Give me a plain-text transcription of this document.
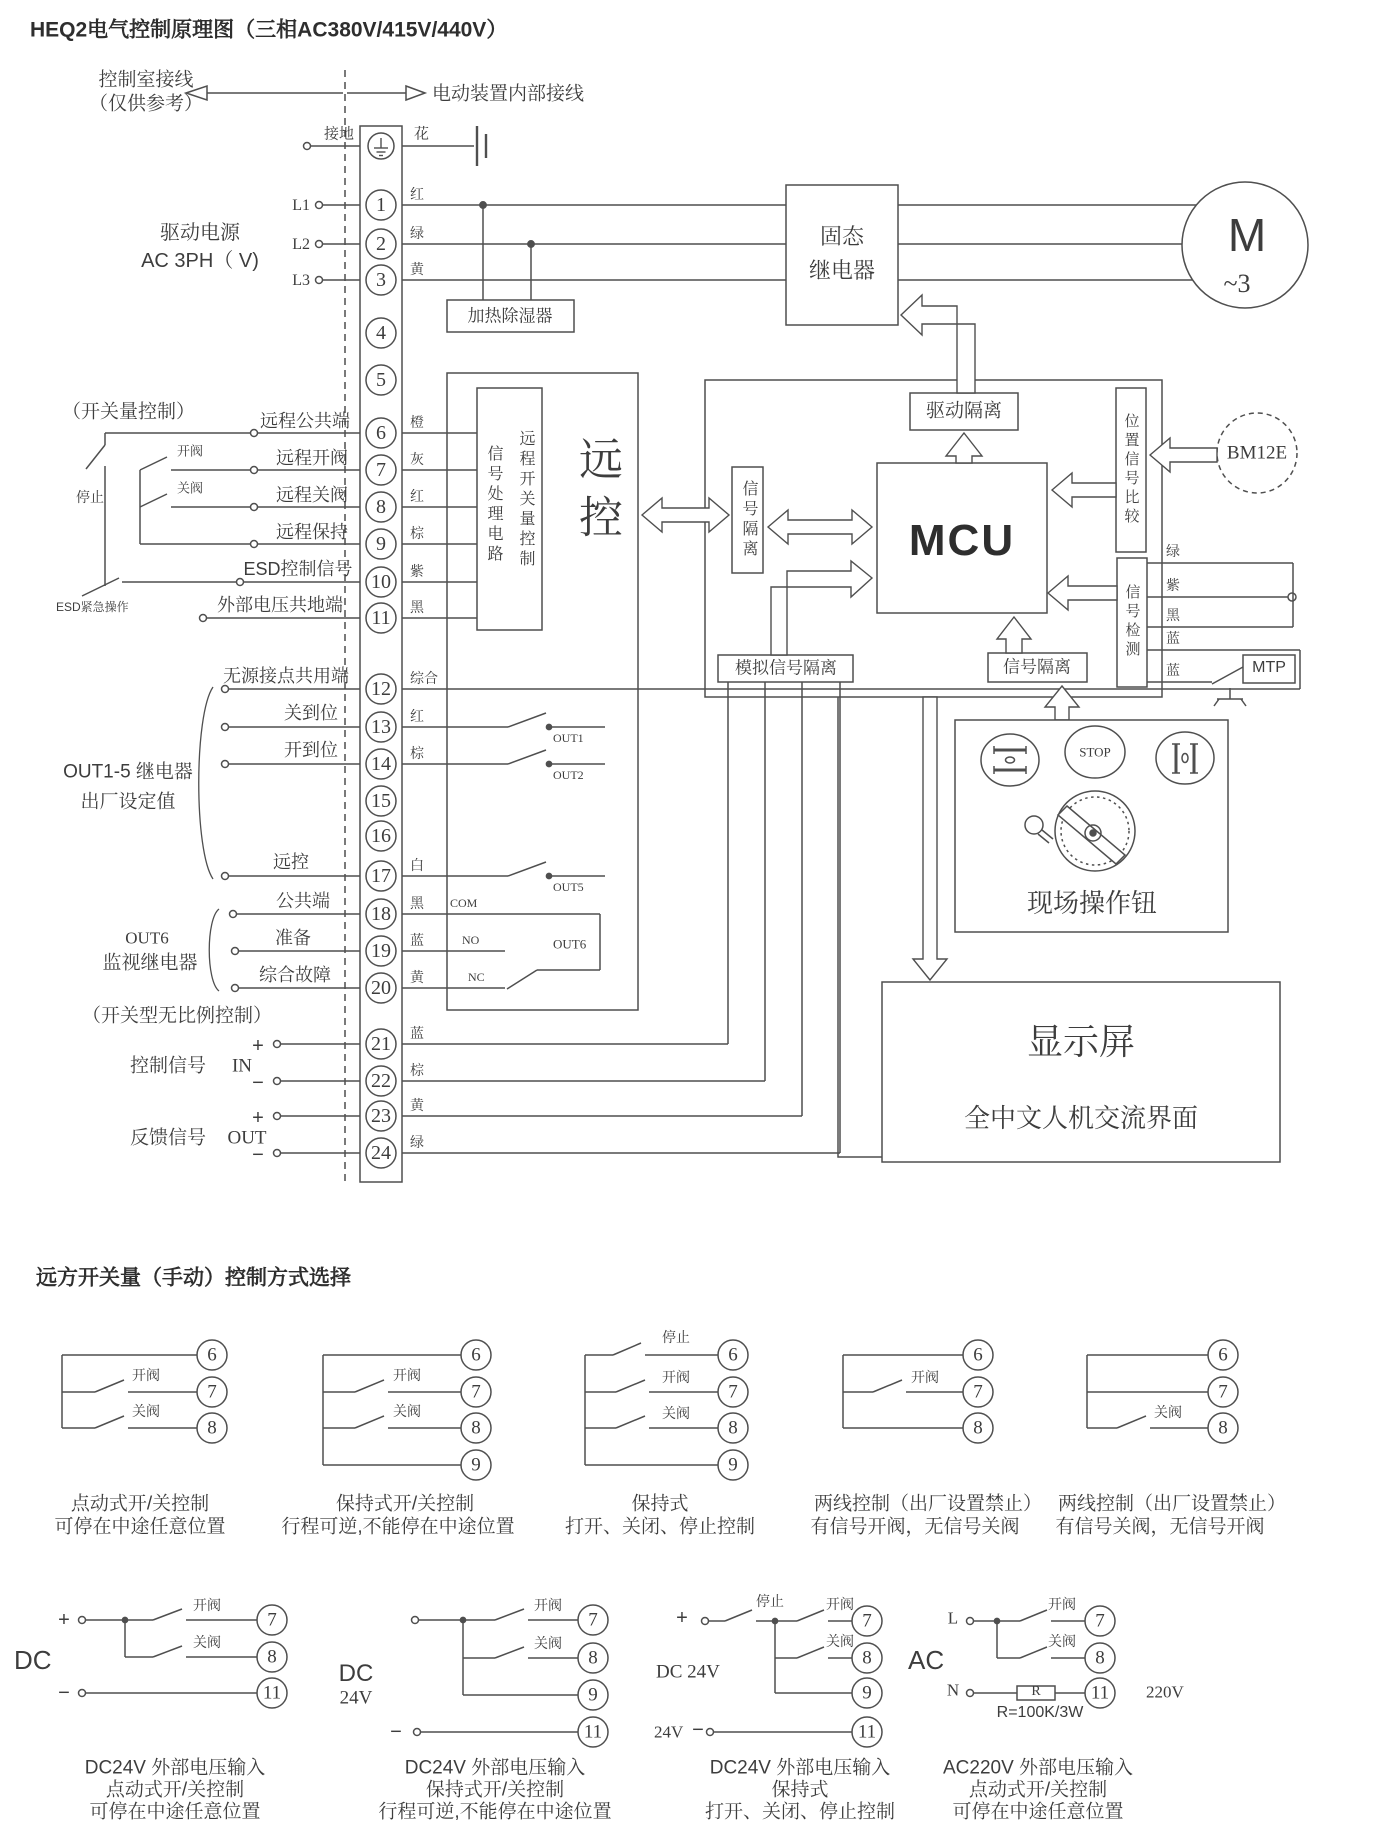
HEQ2电气控制原理图（三相AC380V/415V/440V）
控制室接线
（仅供参考）	电动装置内部接线
驱动电源
AC 3PH（ V)
L1
L2
L3
接地	花
加热除湿器
固态
继电器
M
~3
1
2
3
4
5
6
7
8
9
10
11
12
13
14
15
16
17
18
19
20
21
22
23
24
红
绿
黄
橙
灰
红
棕
紫
黑
综合
红
棕
白
黑
蓝
黄
蓝
棕
黄
绿
（开关量控制）	远程公共端
远程开阀
远程关阀
远程保持
ESD控制信号
外部电压共地端
停止
开阀
关阀
ESD紧急操作
无源接点共用端
关到位
开到位
远控
公共端
准备
综合故障
OUT1-5 继电器
出厂设定值
OUT6
监视继电器
（开关型无比例控制）
+
−
+
−
控制信号 IN
反馈信号 OUT
OUT1
OUT2
OUT5
OUT6
COM
NO
NC
信号处理电路 远程开关量控制 远控
驱动隔离
信号隔离	MCU
位置信号比较
信号检测
模拟信号隔离	信号隔离
BM12E
MTP
绿
紫
黑
蓝
蓝
STOP
现场操作钮
显示屏
全中文人机交流界面
远方开关量（手动）控制方式选择
6
7
8
开阀
关阀
点动式开/关控制
可停在中途任意位置
6
7
8
9
开阀
关阀
保持式开/关控制
行程可逆,不能停在中途位置
6
7
8
9
停止
开阀
关阀
保持式
打开、关闭、停止控制
6
7
8
开阀
两线控制（出厂设置禁止）
有信号开阀，无信号关阀
6
7
8
关阀
两线控制（出厂设置禁止）
有信号关阀，无信号开阀
DC
+
−
开阀
关阀
7
8
11
DC24V 外部电压输入
点动式开/关控制
可停在中途任意位置
DC
24V
−
开阀
关阀
7
8
9
11
DC24V 外部电压输入
保持式开/关控制
行程可逆,不能停在中途位置
+
停止
DC 24V
24V −
开阀
关阀
7
8
9
11
DC24V 外部电压输入
保持式
打开、关闭、停止控制
AC
L
N	R
R=100K/3W
220V
开阀
关阀
7
8
11
AC220V 外部电压输入
点动式开/关控制
可停在中途任意位置
